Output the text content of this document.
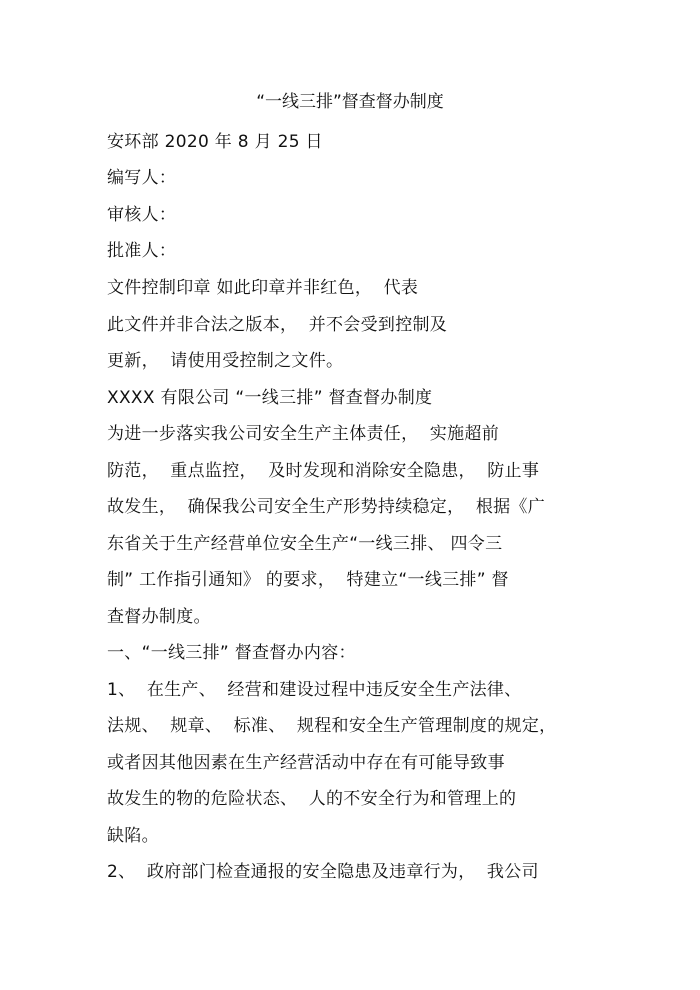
“一线三排”督查督办制度
安环部 2020 年 8 月 25 日
编写人：
审核人：
批准人：
文件控制印章 如此印章并非红色，  代表
此文件并非合法之版本，  并不会受到控制及
更新，  请使用受控制之文件。
XXXX 有限公司 “一线三排” 督查督办制度
为进一步落实我公司安全生产主体责任，  实施超前
防范，  重点监控，  及时发现和消除安全隐患，  防止事
故发生，  确保我公司安全生产形势持续稳定，  根据《广
东省关于生产经营单位安全生产“一线三排、 四令三
制” 工作指引通知》 的要求，  特建立“一线三排” 督
查督办制度。
一、“一线三排” 督查督办内容：
1、  在生产、  经营和建设过程中违反安全生产法律、
法规、  规章、  标准、  规程和安全生产管理制度的规定，
或者因其他因素在生产经营活动中存在有可能导致事
故发生的物的危险状态、  人的不安全行为和管理上的
缺陷。
2、  政府部门检查通报的安全隐患及违章行为，  我公司
